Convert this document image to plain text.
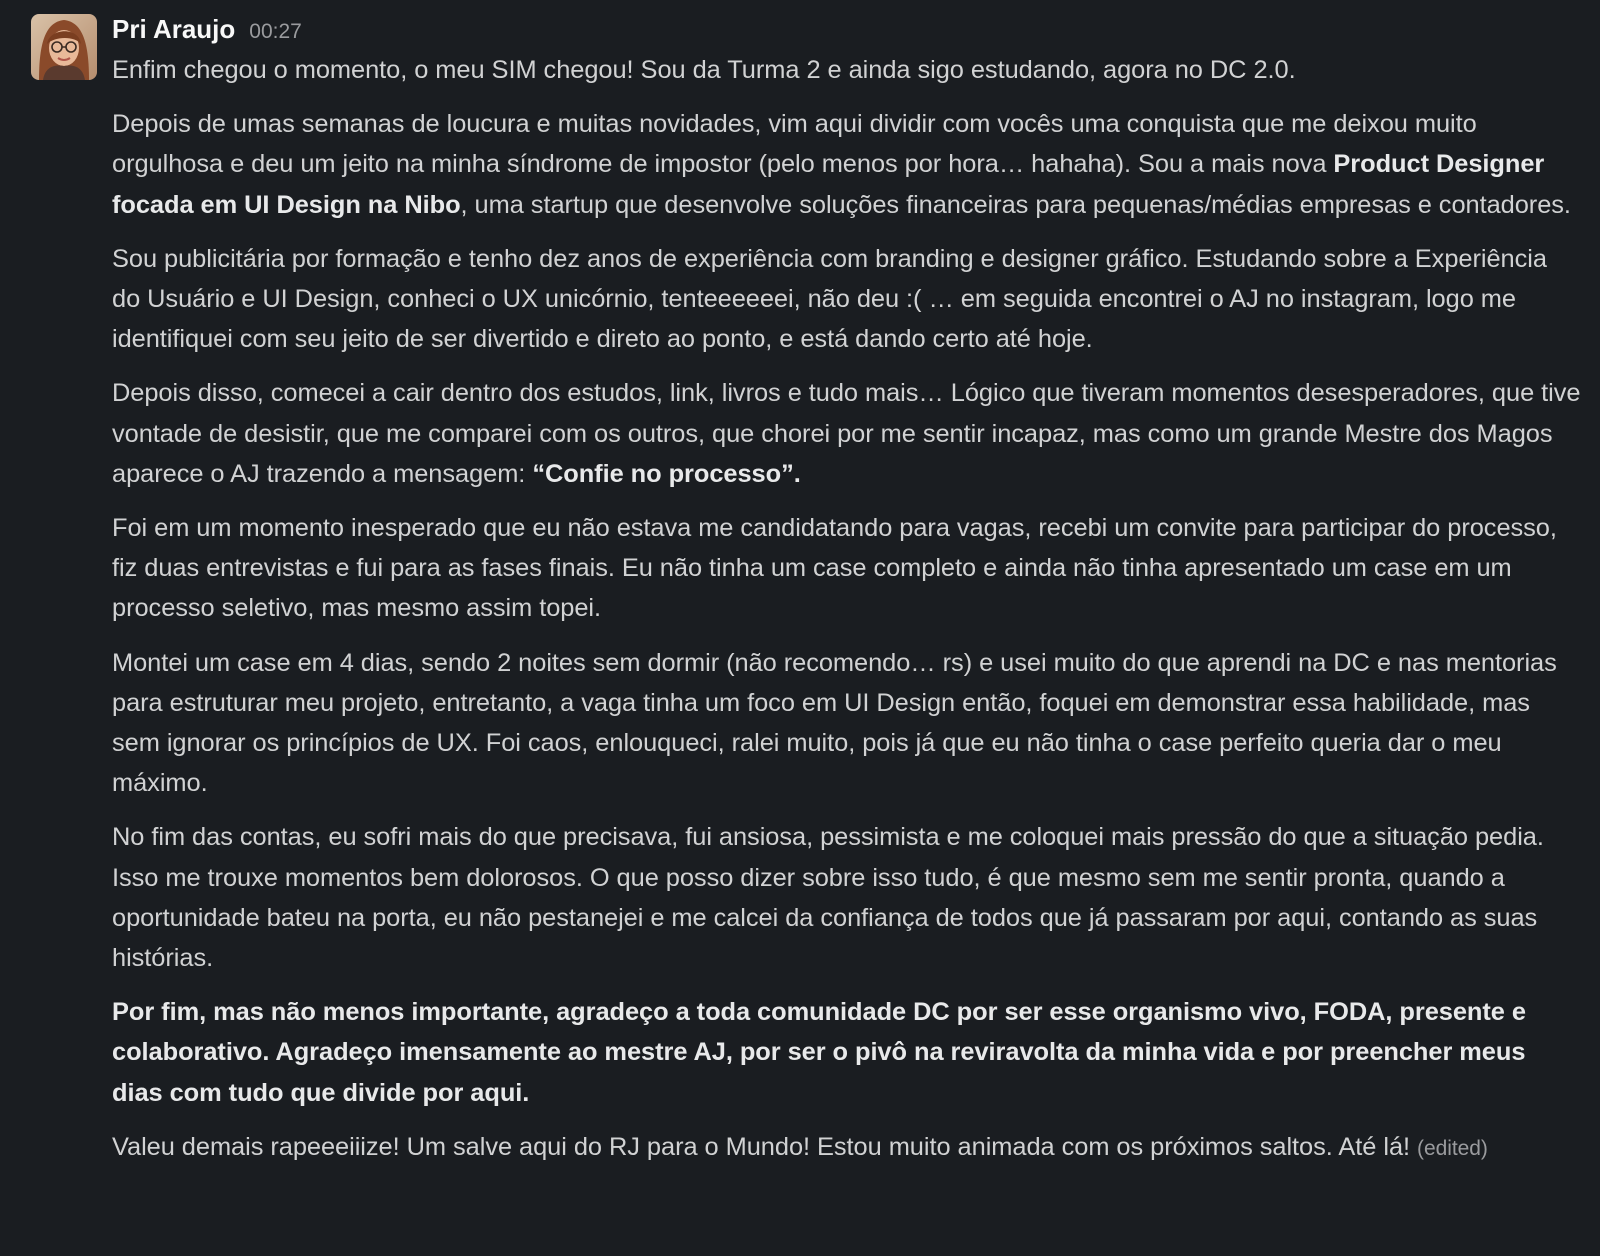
Pri Araujo 00:27

Enfim chegou o momento, o meu SIM chegou! Sou da Turma 2 e ainda sigo estudando, agora no DC 2.0.

Depois de umas semanas de loucura e muitas novidades, vim aqui dividir com vocês uma conquista que me deixou muito orgulhosa e deu um jeito na minha síndrome de impostor (pelo menos por hora… hahaha). Sou a mais nova Product Designer focada em UI Design na Nibo, uma startup que desenvolve soluções financeiras para pequenas/médias empresas e contadores.

Sou publicitária por formação e tenho dez anos de experiência com branding e designer gráfico. Estudando sobre a Experiência do Usuário e UI Design, conheci o UX unicórnio, tenteeeeeei, não deu :( … em seguida encontrei o AJ no instagram, logo me identifiquei com seu jeito de ser divertido e direto ao ponto, e está dando certo até hoje.

Depois disso, comecei a cair dentro dos estudos, link, livros e tudo mais… Lógico que tiveram momentos desesperadores, que tive vontade de desistir, que me comparei com os outros, que chorei por me sentir incapaz, mas como um grande Mestre dos Magos aparece o AJ trazendo a mensagem: “Confie no processo”.

Foi em um momento inesperado que eu não estava me candidatando para vagas, recebi um convite para participar do processo, fiz duas entrevistas e fui para as fases finais. Eu não tinha um case completo e ainda não tinha apresentado um case em um processo seletivo, mas mesmo assim topei.

Montei um case em 4 dias, sendo 2 noites sem dormir (não recomendo… rs) e usei muito do que aprendi na DC e nas mentorias para estruturar meu projeto, entretanto, a vaga tinha um foco em UI Design então, foquei em demonstrar essa habilidade, mas sem ignorar os princípios de UX. Foi caos, enlouqueci, ralei muito, pois já que eu não tinha o case perfeito queria dar o meu máximo.

No fim das contas, eu sofri mais do que precisava, fui ansiosa, pessimista e me coloquei mais pressão do que a situação pedia. Isso me trouxe momentos bem dolorosos. O que posso dizer sobre isso tudo, é que mesmo sem me sentir pronta, quando a oportunidade bateu na porta, eu não pestanejei e me calcei da confiança de todos que já passaram por aqui, contando as suas histórias.

Por fim, mas não menos importante, agradeço a toda comunidade DC por ser esse organismo vivo, FODA, presente e colaborativo. Agradeço imensamente ao mestre AJ, por ser o pivô na reviravolta da minha vida e por preencher meus dias com tudo que divide por aqui.

Valeu demais rapeeeiiize! Um salve aqui do RJ para o Mundo! Estou muito animada com os próximos saltos. Até lá! (edited)
